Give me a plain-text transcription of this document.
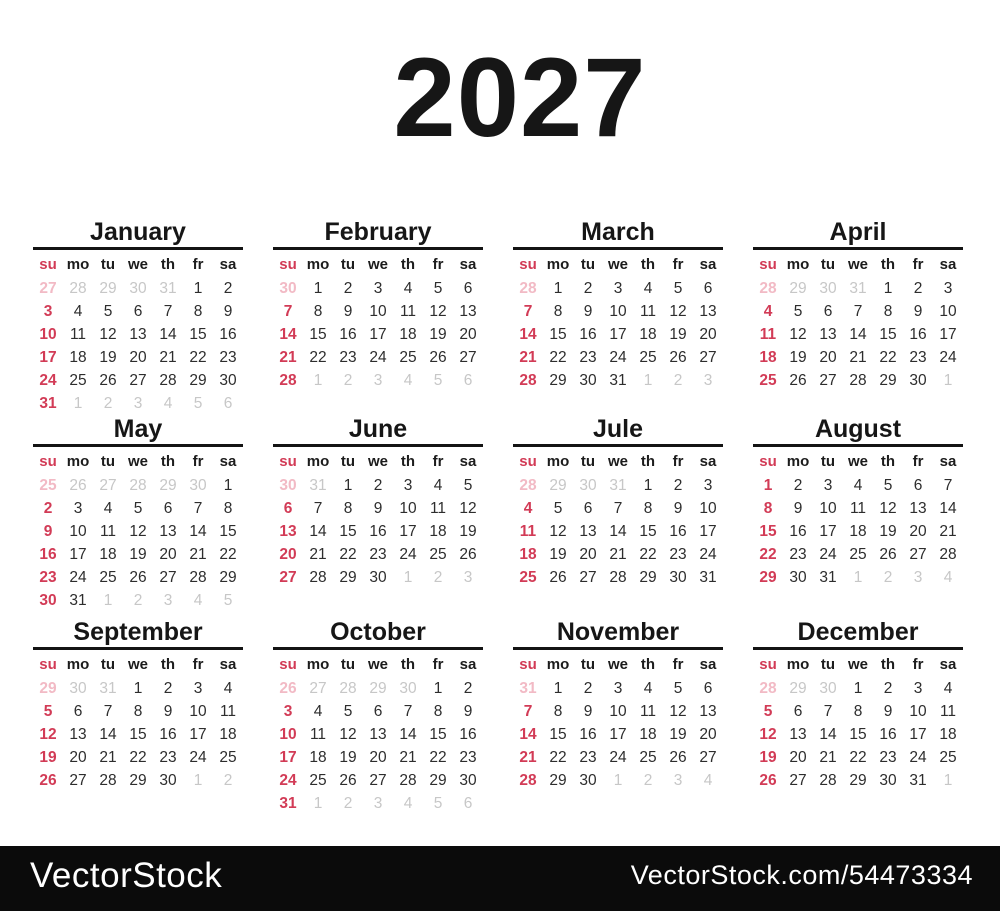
2027
January
su mo tu we th	fr	sa
27 28 29 30 31	1	2
3	4	5	6	7	8	9
10 11 12 13 14 15 16
17 18 19 20 21 22 23
24 25 26 27 28 29 30
31	1	2	3	4	5	6
February
su mo tu we th	fr	sa
30	1	2	3	4	5	6
7	8	9	10 11 12 13
14 15 16 17 18 19 20
21 22 23 24 25 26 27
28	1	2	3	4	5	6
March
su mo tu we th	fr	sa
28	1	2	3	4	5	6
7	8	9	10 11 12 13
14 15 16 17 18 19 20
21 22 23 24 25 26 27
28 29 30 31	1	2	3
April
su mo tu we th	fr	sa
28 29 30 31	1	2	3
4	5	6	7	8	9	10
11 12 13 14 15 16 17
18 19 20 21 22 23 24
25 26 27 28 29 30	1
May
su mo tu we th	fr	sa
25 26 27 28 29 30	1
2	3	4	5	6	7	8
9	10 11 12 13 14 15
16 17 18 19 20 21 22
23 24 25 26 27 28 29
30 31	1	2	3	4	5
June
su mo tu we th	fr	sa
30 31	1	2	3	4	5
6	7	8	9	10 11 12
13 14 15 16 17 18 19
20 21 22 23 24 25 26
27 28 29 30	1	2	3
Jule
su mo tu we th	fr	sa
28 29 30 31	1	2	3
4	5	6	7	8	9	10
11 12 13 14 15 16 17
18 19 20 21 22 23 24
25 26 27 28 29 30 31
August
su mo tu we th	fr	sa
1	2	3	4	5	6	7
8	9	10 11 12 13 14
15 16 17 18 19 20 21
22 23 24 25 26 27 28
29 30 31	1	2	3	4
September
su mo tu we th	fr	sa
29 30 31	1	2	3	4
5	6	7	8	9	10 11
12 13 14 15 16 17 18
19 20 21 22 23 24 25
26 27 28 29 30	1	2
October
su mo tu we th	fr	sa
26 27 28 29 30	1	2
3	4	5	6	7	8	9
10 11 12 13 14 15 16
17 18 19 20 21 22 23
24 25 26 27 28 29 30
31	1	2	3	4	5	6
November
su mo tu we th	fr	sa
31	1	2	3	4	5	6
7	8	9	10 11 12 13
14 15 16 17 18 19 20
21 22 23 24 25 26 27
28 29 30	1	2	3	4
December
su mo tu we th	fr	sa
28 29 30	1	2	3	4
5	6	7	8	9	10 11
12 13 14 15 16 17 18
19 20 21 22 23 24 25
26 27 28 29 30 31	1
VectorStock	VectorStock.com/54473334
